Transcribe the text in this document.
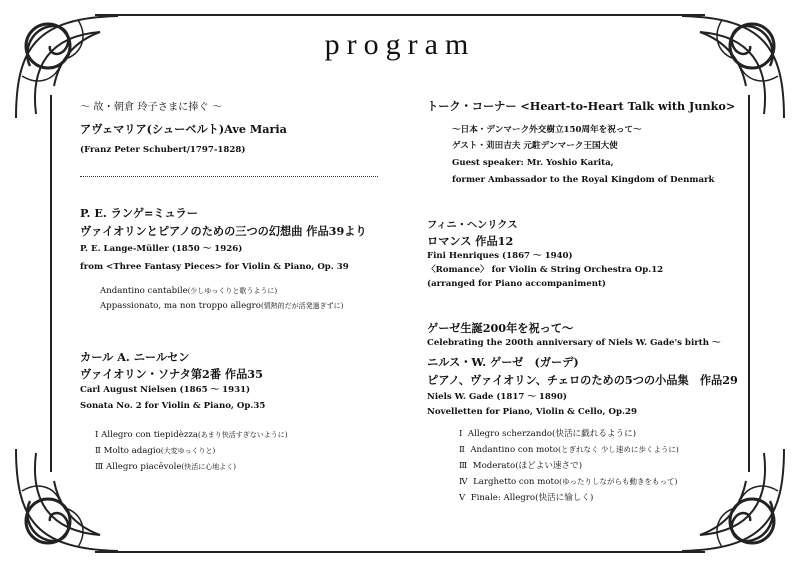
program
～ 故・朝倉 玲子さまに捧ぐ ～
アヴェマリア(シューベルト)Ave Maria
(Franz Peter Schubert/1797-1828)
P. E. ランゲ=ミュラー
ヴァイオリンとピアノのための三つの幻想曲 作品39より
P. E. Lange-Müller (1850 ～ 1926)
from <Three Fantasy Pieces> for Violin & Piano, Op. 39
Andantino cantabile(少しゆっくりと歌うように)
Appassionato, ma non troppo allegro(情熱的だが活発過ぎずに)
カール A. ニールセン
ヴァイオリン・ソナタ第2番 作品35
Carl August Nielsen (1865 ～ 1931)
Sonata No. 2 for Violin & Piano, Op.35
Ⅰ Allegro con tiepidèzza(あまり快活すぎないように)
Ⅱ Molto adagio(大変ゆっくりと)
Ⅲ Allegro piacēvole(快活に心地よく)
トーク・コーナー <Heart-to-Heart Talk with Junko>
～日本・デンマーク外交樹立150周年を祝って～
ゲスト・苅田吉夫 元駐デンマーク王国大使
Guest speaker: Mr. Yoshio Karita,
former Ambassador to the Royal Kingdom of Denmark
フィニ・ヘンリクス
ロマンス 作品12
Fini Henriques (1867 ～ 1940)
〈Romance〉 for Violin & String Orchestra Op.12
(arranged for Piano accompaniment)
ゲーゼ生誕200年を祝って～
Celebrating the 200th anniversary of Niels W. Gade's birth ～
ニルス・W. ゲーゼ　(ガーデ)
ピアノ、ヴァイオリン、チェロのための5つの小品集　作品29
Niels W. Gade (1817 ～ 1890)
Novelletten for Piano, Violin & Cello, Op.29
Ⅰ Allegro scherzando(快活に戯れるように)
Ⅱ Andantino con moto(とぎれなく 少し速めに歩くように)
Ⅲ Moderato(ほどよい速さで)
Ⅳ Larghetto con moto(ゆったりしながらも動きをもって)
Ⅴ Finale: Allegro(快活に愉しく)
